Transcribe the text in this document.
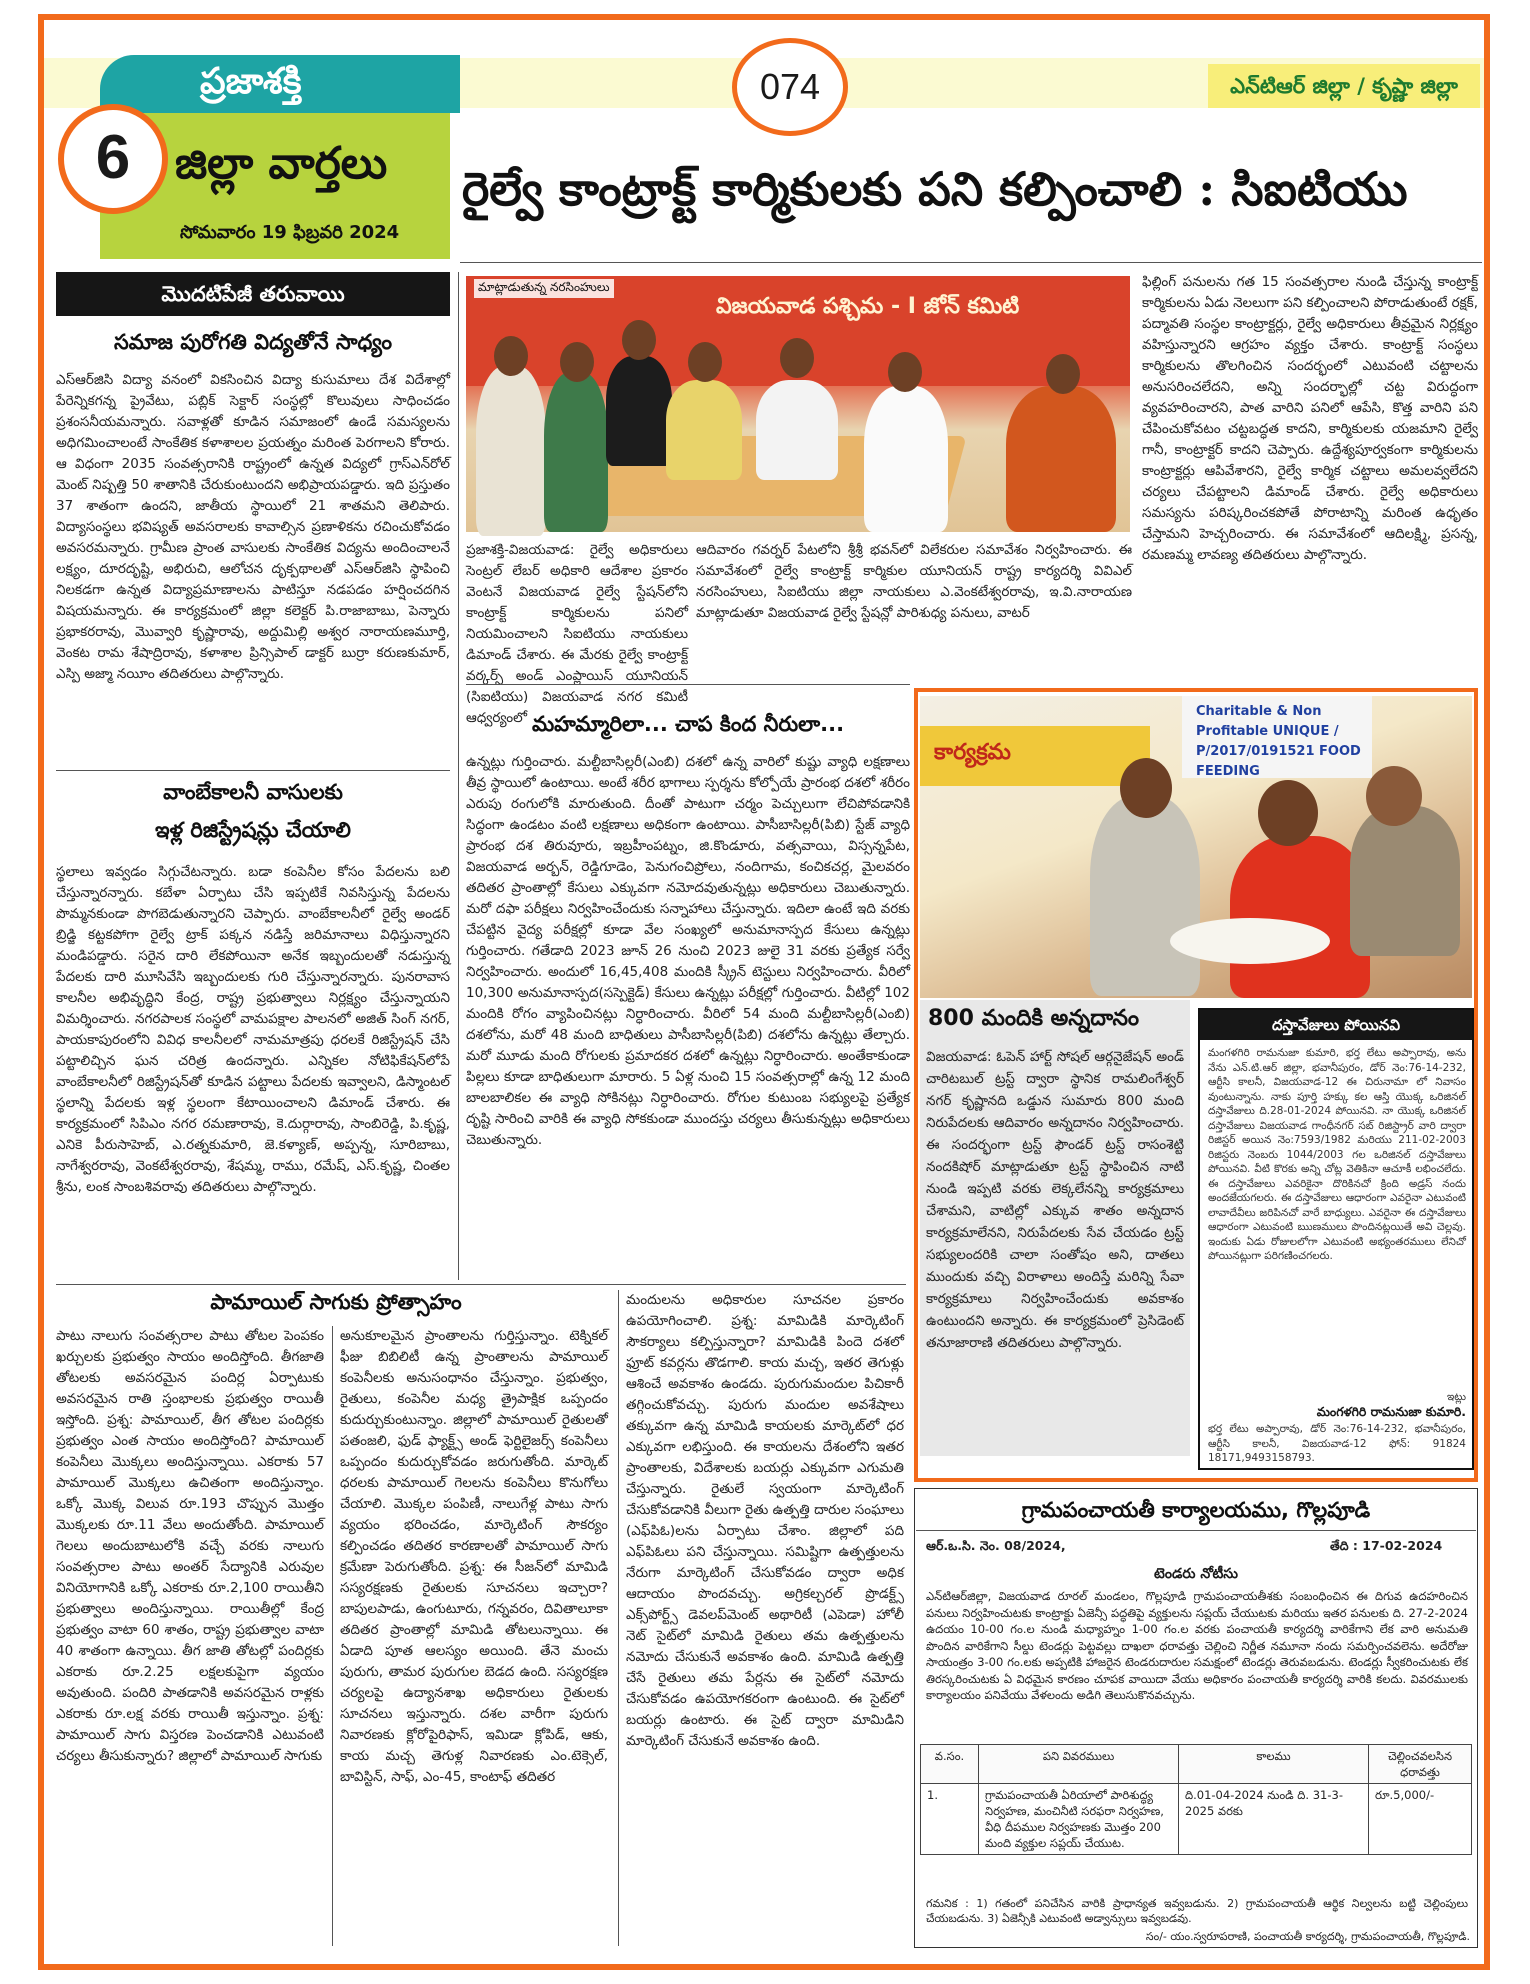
ప్రజాశక్తి	ఎన్‌టిఆర్ జిల్లా / కృష్ణా జిల్లా
6	జిల్లా వార్తలు
సోమవారం 19 ఫిబ్రవరి 2024
074
రైల్వే కాంట్రాక్ట్ కార్మికులకు పని కల్పించాలి : సిఐటియు
మొదటిపేజీ తరువాయి
సమాజ పురోగతి విద్యతోనే సాధ్యం
ఎస్ఆర్‌జిసి విద్యా వనంలో వికసించిన విద్యా కుసుమాలు దేశ విదేశాల్లో పేరెన్నికగన్న ప్రైవేటు, పబ్లిక్ సెక్టార్ సంస్థల్లో కొలువులు సాధించడం ప్రశంసనీయమన్నారు. సవాళ్లతో కూడిన సమాజంలో ఉండే సమస్యలను అధిగమించాలంటే సాంకేతిక కళాశాలల ప్రయత్నం మరింత పెరగాలని కోరారు. ఆ విధంగా 2035 సంవత్సరానికి రాష్ట్రంలో ఉన్నత విద్యలో గ్రాస్ఎన్‌రోల్ మెంట్ నిష్పత్తి 50 శాతానికి చేరుకుంటుందని అభిప్రాయపడ్డారు. ఇది ప్రస్తుతం 37 శాతంగా ఉందని, జాతీయ స్థాయిలో 21 శాతమని తెలిపారు. విద్యాసంస్థలు భవిష్యత్ అవసరాలకు కావాల్సిన ప్రణాళికను రచించుకోవడం అవసరమన్నారు. గ్రామీణ ప్రాంత వాసులకు సాంకేతిక విద్యను అందించాలనే లక్ష్యం, దూరదృష్టి, అభిరుచి, ఆలోచన దృక్పథాలతో ఎస్ఆర్‌జిసి స్థాపించి నిలకడగా ఉన్నత విద్యాప్రమాణాలను పాటిస్తూ నడపడం హర్షించదగిన విషయమన్నారు. ఈ కార్యక్రమంలో జిల్లా కలెక్టర్ పి.రాజాబాబు, పెన్నారు ప్రభాకరరావు, మొవ్వారి కృష్ణారావు, అద్దుమిల్లి అశ్వర నారాయణమూర్తి, వెంకట రామ శేషాద్రిరావు, కళాశాల ప్రిన్సిపాల్ డాక్టర్ బుర్రా కరుణకుమార్, ఎస్పి అజ్మా నయీం తదితరులు పాల్గొన్నారు.
వాంబేకాలనీ వాసులకు
ఇళ్ల రిజిస్ట్రేషన్లు చేయాలి
స్థలాలు ఇవ్వడం సిగ్గుచేటన్నారు. బడా కంపెనీల కోసం పేదలను బలి చేస్తున్నారన్నారు. కబేళా ఏర్పాటు చేసి ఇప్పటికే నివసిస్తున్న పేదలను పొమ్మనకుండా పొగబెడుతున్నారని చెప్పారు. వాంబేకాలనీలో రైల్వే అండర్ బ్రిడ్జి కట్టకపోగా రైల్వే ట్రాక్ పక్కన నడిస్తే జరిమానాలు విధిస్తున్నారని మండిపడ్డారు. సరైన దారి లేకపోయినా అనేక ఇబ్బందులతో నడుస్తున్న పేదలకు దారి మూసివేసి ఇబ్బందులకు గురి చేస్తున్నారన్నారు. పునరావాస కాలనీల అభివృద్ధిని కేంద్ర, రాష్ట్ర ప్రభుత్వాలు నిర్లక్ష్యం చేస్తున్నాయని విమర్శించారు. నగరపాలక సంస్థలో వామపక్షాల పాలనలో అజిత్ సింగ్ నగర్, పాయకాపురంలోని వివిధ కాలనీలలో నామమాత్రపు ధరలకే రిజిస్ట్రేషన్ చేసి పట్టాలిచ్చిన ఘన చరిత్ర ఉందన్నారు. ఎన్నికల నోటిఫికేషన్‌లోపే వాంబేకాలనీలో రిజిస్ట్రేషన్‌తో కూడిన పట్టాలు పేదలకు ఇవ్వాలని, డిస్మాంటల్ స్థలాన్ని పేదలకు ఇళ్ల స్థలంగా కేటాయించాలని డిమాండ్ చేశారు. ఈ కార్యక్రమంలో సిపిఎం నగర రమణారావు, కె.దుర్గారావు, సాంబిరెడ్డి, పి.కృష్ణ, ఎనికె పీరుసాహెబ్, ఎ.రత్నకుమారి, జె.కళ్యాణ్, అప్పన్న, సూరిబాబు, నాగేశ్వరరావు, వెంకటేశ్వరరావు, శేషమ్మ, రాము, రమేష్, ఎస్.కృష్ణ, చింతల శ్రీను, లంక సాంబశివరావు తదితరులు పాల్గొన్నారు.
విజయవాడ పశ్చిమ - I జోన్ కమిటి
మాట్లాడుతున్న నరసింహులు
ప్రజాశక్తి-విజయవాడ: రైల్వే అధికారులు సెంట్రల్ లేబర్ అధికారి ఆదేశాల ప్రకారం వెంటనే విజయవాడ రైల్వే స్టేషన్‌లోని కాంట్రాక్ట్ కార్మికులను పనిలో నియమించాలని సిఐటియు నాయకులు డిమాండ్ చేశారు. ఈ మేరకు రైల్వే కాంట్రాక్ట్ వర్కర్స్ అండ్ ఎంప్లాయిస్ యూనియన్ (సిఐటియు) విజయవాడ నగర కమిటీ ఆధ్వర్యంలో
ఆదివారం గవర్నర్ పేటలోని శ్రీశ్రీ భవన్‌లో విలేకరుల సమావేశం నిర్వహించారు. ఈ సమావేశంలో రైల్వే కాంట్రాక్ట్ కార్మికుల యూనియన్ రాష్ట్ర కార్యదర్శి వివిఎల్ నరసింహులు, సిఐటియు జిల్లా నాయకులు ఎ.వెంకటేశ్వరరావు, ఇ.వి.నారాయణ మాట్లాడుతూ విజయవాడ రైల్వే స్టేషన్లో పారిశుధ్య పనులు, వాటర్
ఫిల్లింగ్ పనులను గత 15 సంవత్సరాల నుండి చేస్తున్న కాంట్రాక్ట్ కార్మికులను ఏడు నెలలుగా పని కల్పించాలని పోరాడుతుంటే రక్షక్, పద్మావతి సంస్థల కాంట్రాక్టర్లు, రైల్వే అధికారులు తీవ్రమైన నిర్లక్ష్యం వహిస్తున్నారని ఆగ్రహం వ్యక్తం చేశారు. కాంట్రాక్ట్ సంస్థలు కార్మికులను తొలగించిన సందర్భంలో ఎటువంటి చట్టాలను అనుసరించలేదని, అన్ని సందర్భాల్లో చట్ట విరుద్ధంగా వ్యవహరించారని, పాత వారిని పనిలో ఆపేసి, కొత్త వారిని పని చేపించుకోవటం చట్టబద్ధత కాదని, కార్మికులకు యజమాని రైల్వే గానీ, కాంట్రాక్టర్ కాదని చెప్పారు. ఉద్దేశ్యపూర్వకంగా కార్మికులను కాంట్రాక్టర్లు ఆపివేశారని, రైల్వే కార్మిక చట్టాలు అమలవ్వలేదని చర్యలు చేపట్టాలని డిమాండ్ చేశారు. రైల్వే అధికారులు సమస్యను పరిష్కరించకపోతే పోరాటాన్ని మరింత ఉధృతం చేస్తామని హెచ్చరించారు. ఈ సమావేశంలో ఆదిలక్ష్మి, ప్రసన్న, రమణమ్మ లావణ్య తదితరులు పాల్గొన్నారు.
మహమ్మారిలా... చాప కింద నీరులా...
ఉన్నట్లు గుర్తించారు. మల్టీబాసిల్లరీ(ఎంబి) దశలో ఉన్న వారిలో కుష్టు వ్యాధి లక్షణాలు తీవ్ర స్థాయిలో ఉంటాయి. అంటే శరీర భాగాలు స్పర్శను కోల్పోయే ప్రారంభ దశలో శరీరం ఎరుపు రంగులోకి మారుతుంది. దీంతో పాటుగా చర్మం పెచ్చులుగా లేచిపోవడానికి సిద్ధంగా ఉండటం వంటి లక్షణాలు అధికంగా ఉంటాయి. పాసీబాసిల్లరీ(పిబి) స్టేజ్ వ్యాధి ప్రారంభ దశ తిరువూరు, ఇబ్రహీంపట్నం, జి.కొండూరు, వత్సవాయి, విస్సన్నపేట, విజయవాడ అర్బన్, రెడ్డిగూడెం, పెనుగంచిప్రోలు, నందిగామ, కంచికచర్ల, మైలవరం తదితర ప్రాంతాల్లో కేసులు ఎక్కువగా నమోదవుతున్నట్లు అధికారులు చెబుతున్నారు. మరో దఫా పరీక్షలు నిర్వహించేందుకు సన్నాహాలు చేస్తున్నారు. ఇదిలా ఉంటే ఇది వరకు చేపట్టిన వైద్య పరీక్షల్లో కూడా వేల సంఖ్యలో అనుమానాస్పద కేసులు ఉన్నట్లు గుర్తించారు. గతేడాది 2023 జూన్ 26 నుంచి 2023 జులై 31 వరకు ప్రత్యేక సర్వే నిర్వహించారు. అందులో 16,45,408 మందికి స్క్రీన్ టెస్టులు నిర్వహించారు. వీరిలో 10,300 అనుమానాస్పద(సస్పెక్టెడ్) కేసులు ఉన్నట్లు పరీక్షల్లో గుర్తించారు. వీటిల్లో 102 మందికి రోగం వ్యాపించినట్లు నిర్ధారించారు. వీరిలో 54 మంది మల్టీబాసిల్లరీ(ఎంబి) దశలోను, మరో 48 మంది బాధితులు పాసీబాసిల్లరీ(పిబి) దశలోను ఉన్నట్లు తేల్చారు. మరో మూడు మంది రోగులకు ప్రమాదకర దశలో ఉన్నట్లు నిర్ధారించారు. అంతేకాకుండా పిల్లలు కూడా బాధితులుగా మారారు. 5 ఏళ్ల నుంచి 15 సంవత్సరాల్లో ఉన్న 12 మంది బాలబాలికల ఈ వ్యాధి సోకినట్లు నిర్ధారించారు. రోగుల కుటుంబ సభ్యులపై ప్రత్యేక దృష్టి సారించి వారికి ఈ వ్యాధి సోకకుండా ముందస్తు చర్యలు తీసుకున్నట్లు అధికారులు చెబుతున్నారు.
కార్యక్రమ
Charitable & Non Profitable UNIQUE / P/2017/0191521 FOOD FEEDING
800 మందికి అన్నదానం
విజయవాడ: ఓపెన్ హార్ట్ సోషల్ ఆర్గనైజేషన్ అండ్ చారిటబుల్ ట్రస్ట్ ద్వారా స్థానిక రామలింగేశ్వర్ నగర్ కృష్ణానది ఒడ్డున సుమారు 800 మంది నిరుపేదలకు ఆదివారం అన్నదానం నిర్వహించారు. ఈ సందర్భంగా ట్రస్ట్ ఫౌండర్ ట్రస్ట్ రాసంశెట్టి నందకిషోర్ మాట్లాడుతూ ట్రస్ట్ స్థాపించిన నాటి నుండి ఇప్పటి వరకు లెక్కలేనన్ని కార్యక్రమాలు చేశామని, వాటిల్లో ఎక్కువ శాతం అన్నదాన కార్యక్రమాలేనని, నిరుపేదలకు సేవ చేయడం ట్రస్ట్ సభ్యులందరికి చాలా సంతోషం అని, దాతలు ముందుకు వచ్చి విరాళాలు అందిస్తే మరిన్ని సేవా కార్యక్రమాలు నిర్వహించేందుకు అవకాశం ఉంటుందని అన్నారు. ఈ కార్యక్రమంలో ప్రెసిడెంట్ తనూజారాణి తదితరులు పాల్గొన్నారు.
దస్తావేజులు పోయినవి
మంగళగిరి రామనుజా కుమారి, భర్త లేటు అప్పారావు, అను నేను ఎన్.టి.ఆర్ జిల్లా, భవానీపురం, డోర్ నెం:76-14-232, ఆర్టీసి కాలనీ, విజయవాడ-12 ఈ చిరునామా లో నివాసం వుంటున్నాను. నాకు పూర్తి హక్కు కల ఆస్తి యొక్క ఒరిజినల్ దస్తావేజులు ది.28-01-2024 పోయినవి. నా యొక్క ఒరిజినల్ దస్తావేజులు విజయవాడ గాంధీనగర్ సబ్ రిజిస్ట్రార్ వారి ద్వారా రిజిస్టర్ అయిన నెం:7593/1982 మరియు 211-02-2003 రిజిస్టరు నెంబరు 1044/2003 గల ఒరిజినల్ దస్తావేజులు పోయినవి. వీటి కొరకు అన్ని చోట్ల వెతికినా ఆచూకీ లభించలేదు. ఈ దస్తావేజులు ఎవరికైనా దొరికినచో క్రింది అడ్రస్ నందు అందజేయగలరు. ఈ దస్తావేజులు ఆధారంగా ఎవరైనా ఎటువంటి లావాదేవీలు జరిపినచో వారే బాధ్యులు. ఎవరైనా ఈ దస్తావేజులు ఆధారంగా ఎటువంటి ఋణములు పొందినట్లయితే అవి చెల్లవు. ఇందుకు ఏడు రోజులలోగా ఎటువంటి అభ్యంతరములు లేనిచో పోయినట్లుగా పరిగణించగలరు.
ఇట్లు
మంగళగిరి రామనుజా కుమారి.
భర్త లేటు అప్పారావు, డోర్ నెం:76-14-232, భవానీపురం, ఆర్టీసి కాలనీ, విజయవాడ-12 ఫోన్: 91824 18171,9493158793.
పామాయిల్ సాగుకు ప్రోత్సాహం
పాటు నాలుగు సంవత్సరాల పాటు తోటల పెంపకం ఖర్చులకు ప్రభుత్వం సాయం అందిస్తోంది. తీగజాతి తోటలకు అవసరమైన పందిర్ల ఏర్పాటుకు అవసరమైన రాతి స్తంభాలకు ప్రభుత్వం రాయితీ ఇస్తోంది. ప్రశ్న: పామాయిల్, తీగ తోటల పందిర్లకు ప్రభుత్వం ఎంత సాయం అందిస్తోంది? పామాయిల్ కంపెనీలు మొక్కలు అందిస్తున్నాయి. ఎకరాకు 57 పామాయిల్ మొక్కలు ఉచితంగా అందిస్తున్నాం. ఒక్కో మొక్క విలువ రూ.193 చొప్పున మొత్తం మొక్కలకు రూ.11 వేలు అందుతోంది. పామాయిల్ గెలలు అందుబాటులోకి వచ్చే వరకు నాలుగు సంవత్సరాల పాటు అంతర్ సేద్యానికి ఎరువుల వినియోగానికి ఒక్కో ఎకరాకు రూ.2,100 రాయితీని ప్రభుత్వాలు అందిస్తున్నాయి. రాయితీల్లో కేంద్ర ప్రభుత్వం వాటా 60 శాతం, రాష్ట్ర ప్రభుత్వాల వాటా 40 శాతంగా ఉన్నాయి. తీగ జాతి తోటల్లో పందిర్లకు ఎకరాకు రూ.2.25 లక్షలకుపైగా వ్యయం అవుతుంది. పందిరి పాతడానికి అవసరమైన రాళ్లకు ఎకరాకు రూ.లక్ష వరకు రాయితీ ఇస్తున్నాం. ప్రశ్న: పామాయిల్ సాగు విస్తరణ పెంచడానికి ఎటువంటి చర్యలు తీసుకున్నారు? జిల్లాలో పామాయిల్ సాగుకు
అనుకూలమైన ప్రాంతాలను గుర్తిస్తున్నాం. టెక్నికల్ ఫీజు బిబిలిటీ ఉన్న ప్రాంతాలను పామాయిల్ కంపెనీలకు అనుసంధానం చేస్తున్నాం. ప్రభుత్వం, రైతులు, కంపెనీల మధ్య త్రైపాక్షిక ఒప్పందం కుదుర్చుకుంటున్నాం. జిల్లాలో పామాయిల్ రైతులతో పతంజలి, ఫుడ్ ఫ్యాక్ట్స్ అండ్ ఫెర్టిలైజర్స్ కంపెనీలు ఒప్పందం కుదుర్చుకోవడం జరుగుతోంది. మార్కెట్ ధరలకు పామాయిల్ గెలలను కంపెనీలు కొనుగోలు చేయాలి. మొక్కల పంపిణీ, నాలుగేళ్ల పాటు సాగు వ్యయం భరించడం, మార్కెటింగ్ సౌకర్యం కల్పించడం తదితర కారణాలతో పామాయిల్ సాగు క్రమేణా పెరుగుతోంది. ప్రశ్న: ఈ సీజన్‌లో మామిడి సస్యరక్షణకు రైతులకు సూచనలు ఇచ్చారా? బాపులపాడు, ఉంగుటూరు, గన్నవరం, దివితాలూకా తదితర ప్రాంతాల్లో మామిడి తోటలున్నాయి. ఈ ఏడాది పూత ఆలస్యం అయింది. తేనె మంచు పురుగు, తామర పురుగుల బెడద ఉంది. సస్యరక్షణ చర్యలపై ఉద్యానశాఖ అధికారులు రైతులకు సూచనలు ఇస్తున్నారు. దశల వారీగా పురుగు నివారణకు క్లోరోపైరిఫాస్, ఇమిడా క్లోపిడ్, ఆకు, కాయ మచ్చ తెగుళ్ల నివారణకు ఎం.టెక్సెల్, బావిస్టిన్, సాఫ్, ఎం-45, కాంటాఫ్ తదితర
మందులను అధికారుల సూచనల ప్రకారం ఉపయోగించాలి. ప్రశ్న: మామిడికి మార్కెటింగ్ సౌకర్యాలు కల్పిస్తున్నారా? మామిడికి పిందె దశలో ఫ్రూట్ కవర్లను తొడగాలి. కాయ మచ్చ, ఇతర తెగుళ్లు ఆశించే అవకాశం ఉండదు. పురుగుమందుల పిచికారీ తగ్గించుకోవచ్చు. పురుగు మందుల అవశేషాలు తక్కువగా ఉన్న మామిడి కాయలకు మార్కెట్‌లో ధర ఎక్కువగా లభిస్తుంది. ఈ కాయలను దేశంలోని ఇతర ప్రాంతాలకు, విదేశాలకు బయర్లు ఎక్కువగా ఎగుమతి చేస్తున్నారు. రైతులే స్వయంగా మార్కెటింగ్ చేసుకోవడానికి వీలుగా రైతు ఉత్పత్తి దారుల సంఘాలు (ఎఫ్‌పిఓ)లను ఏర్పాటు చేశాం. జిల్లాలో పది ఎఫ్‌పిఓలు పని చేస్తున్నాయి. సమిష్టిగా ఉత్పత్తులను నేరుగా మార్కెటింగ్ చేసుకోవడం ద్వారా అధిక ఆదాయం పొందవచ్చు. అగ్రికల్చరల్ ప్రొడక్ట్స్ ఎక్స్‌పోర్ట్స్ డెవలప్‌మెంట్ అథారిటీ (ఎపెడా) హోలీ నెట్ సైట్‌లో మామిడి రైతులు తమ ఉత్పత్తులను నమోదు చేసుకునే అవకాశం ఉంది. మామిడి ఉత్పత్తి చేసే రైతులు తమ పేర్లను ఈ సైట్‌లో నమోదు చేసుకోవడం ఉపయోగకరంగా ఉంటుంది. ఈ సైట్‌లో బయర్లు ఉంటారు. ఈ సైట్ ద్వారా మామిడిని మార్కెటింగ్ చేసుకునే అవకాశం ఉంది.
గ్రామపంచాయతీ కార్యాలయము, గొల్లపూడి
ఆర్.ఒ.సి. నెం. 08/2024,	తేది : 17-02-2024
టెండరు నోటీసు
ఎన్‌టిఆర్‌జిల్లా, విజయవాడ రూరల్ మండలం, గొల్లపూడి గ్రామపంచాయతీశకు సంబంధించిన ఈ దిగువ ఉదహరించిన పనులు నిర్వహించుటకు కాంట్రాక్టు ఏజెన్సీ పద్ధతిపై వ్యక్తులను సప్లయ్ చేయుటకు మరియు ఇతర పనులకు ది. 27-2-2024 ఉదయం 10-00 గం.ల నుండి మధ్యాహ్నం 1-00 గం.ల వరకు పంచాయతీ కార్యదర్శి వారికేగాని లేక వారి అనుమతి పొందిన వారికేగాని సీల్డు టెండర్లు పెట్టవల్లు దాఖలా ధరావత్తు చెల్లించి నిర్ణీత నమూనా నందు సమర్పించవలెను. అదేరోజు సాయంత్రం 3-00 గం.లకు అప్పటికి హాజరైన టెండరుదారుల సమక్షంలో టెండర్లు తెరువబడును. టెండర్లు స్వీకరించుటకు లేక తిరస్కరించుటకు ఏ విధమైన కారణం చూపక వాయిదా వేయు అధికారం పంచాయతీ కార్యదర్శి వారికి కలదు. వివరములకు కార్యాలయం పనివేయు వేళలందు అడిగి తెలుసుకొనవచ్చును.
వ.సం.	పని వివరములు	కాలము	చెల్లించవలసిన ధరావత్తు
1.	గ్రామపంచాయతీ ఏరియాలో పారిశుద్ధ్య నిర్వహణ, మంచినీటి సరఫరా నిర్వహణ, వీధి దీపముల నిర్వహణకు మొత్తం 200 మంది వ్యక్తుల సప్లయ్ చేయుట.	ది.01-04-2024 నుండి ది. 31-3-2025 వరకు	రూ.5,000/-
గమనిక : 1) గతంలో పనిచేసిన వారికి ప్రాధాన్యత ఇవ్వబడును. 2) గ్రామపంచాయతీ ఆర్థిక నిల్వలను బట్టి చెల్లింపులు చేయబడును. 3) ఏజెన్సీకి ఎటువంటి అడ్వాన్సులు ఇవ్వబడవు.
సం/- యం.స్వరూపరాణి, పంచాయతీ కార్యదర్శి, గ్రామపంచాయతీ, గొల్లపూడి.
